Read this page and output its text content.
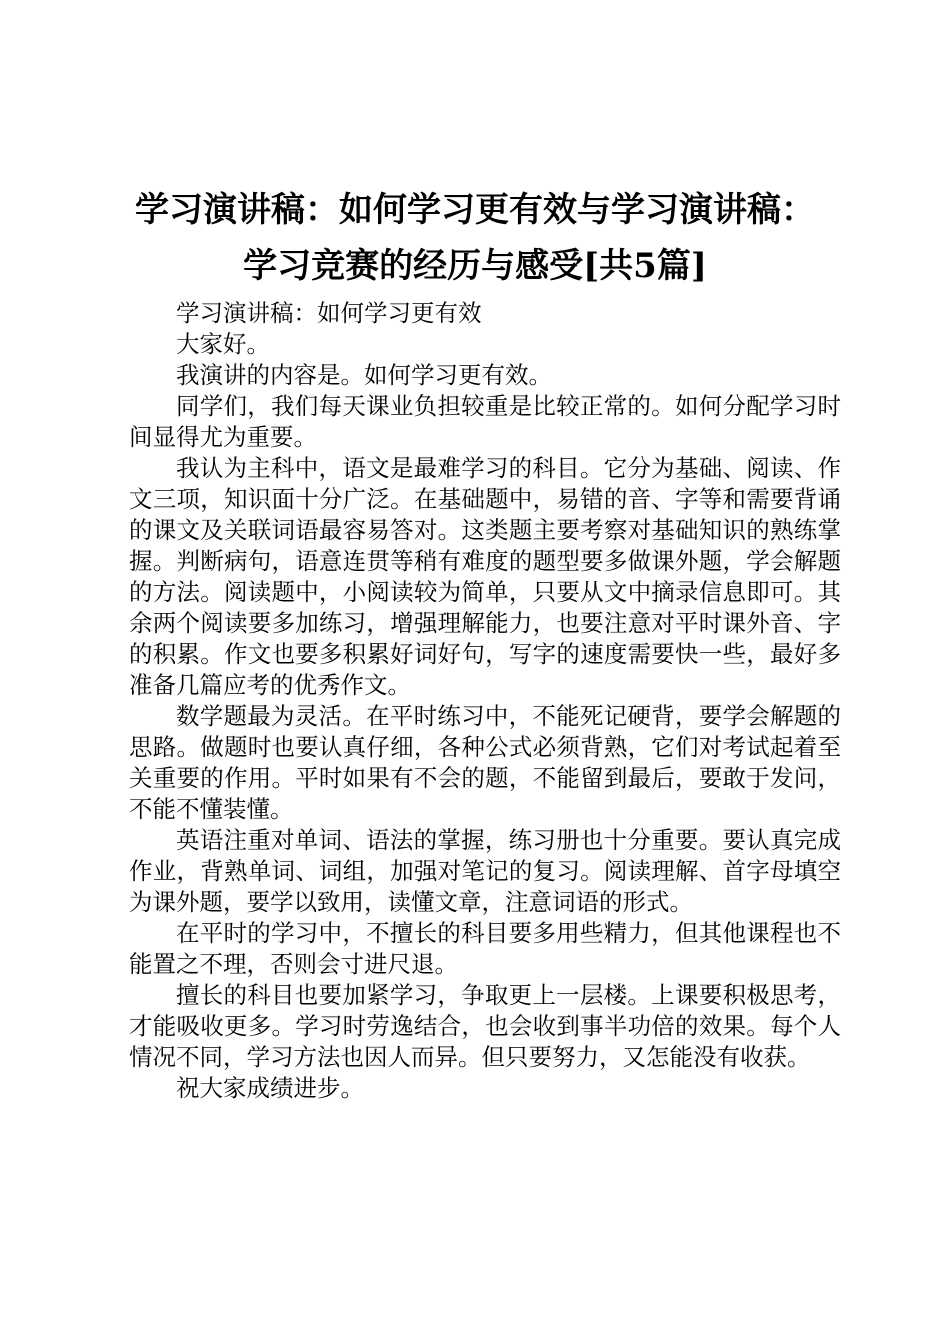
学习演讲稿：如何学习更有效与学习演讲稿：
学习竞赛的经历与感受[共5篇]

学习演讲稿：如何学习更有效

大家好。

我演讲的内容是。如何学习更有效。

同学们，我们每天课业负担较重是比较正常的。如何分配学习时间显得尤为重要。

我认为主科中，语文是最难学习的科目。它分为基础、阅读、作文三项，知识面十分广泛。在基础题中，易错的音、字等和需要背诵的课文及关联词语最容易答对。这类题主要考察对基础知识的熟练掌握。判断病句，语意连贯等稍有难度的题型要多做课外题，学会解题的方法。阅读题中，小阅读较为简单，只要从文中摘录信息即可。其余两个阅读要多加练习，增强理解能力，也要注意对平时课外音、字的积累。作文也要多积累好词好句，写字的速度需要快一些，最好多准备几篇应考的优秀作文。

数学题最为灵活。在平时练习中，不能死记硬背，要学会解题的思路。做题时也要认真仔细，各种公式必须背熟，它们对考试起着至关重要的作用。平时如果有不会的题，不能留到最后，要敢于发问，不能不懂装懂。

英语注重对单词、语法的掌握，练习册也十分重要。要认真完成作业，背熟单词、词组，加强对笔记的复习。阅读理解、首字母填空为课外题，要学以致用，读懂文章，注意词语的形式。

在平时的学习中，不擅长的科目要多用些精力，但其他课程也不能置之不理，否则会寸进尺退。

擅长的科目也要加紧学习，争取更上一层楼。上课要积极思考，才能吸收更多。学习时劳逸结合，也会收到事半功倍的效果。每个人情况不同，学习方法也因人而异。但只要努力，又怎能没有收获。

祝大家成绩进步。
